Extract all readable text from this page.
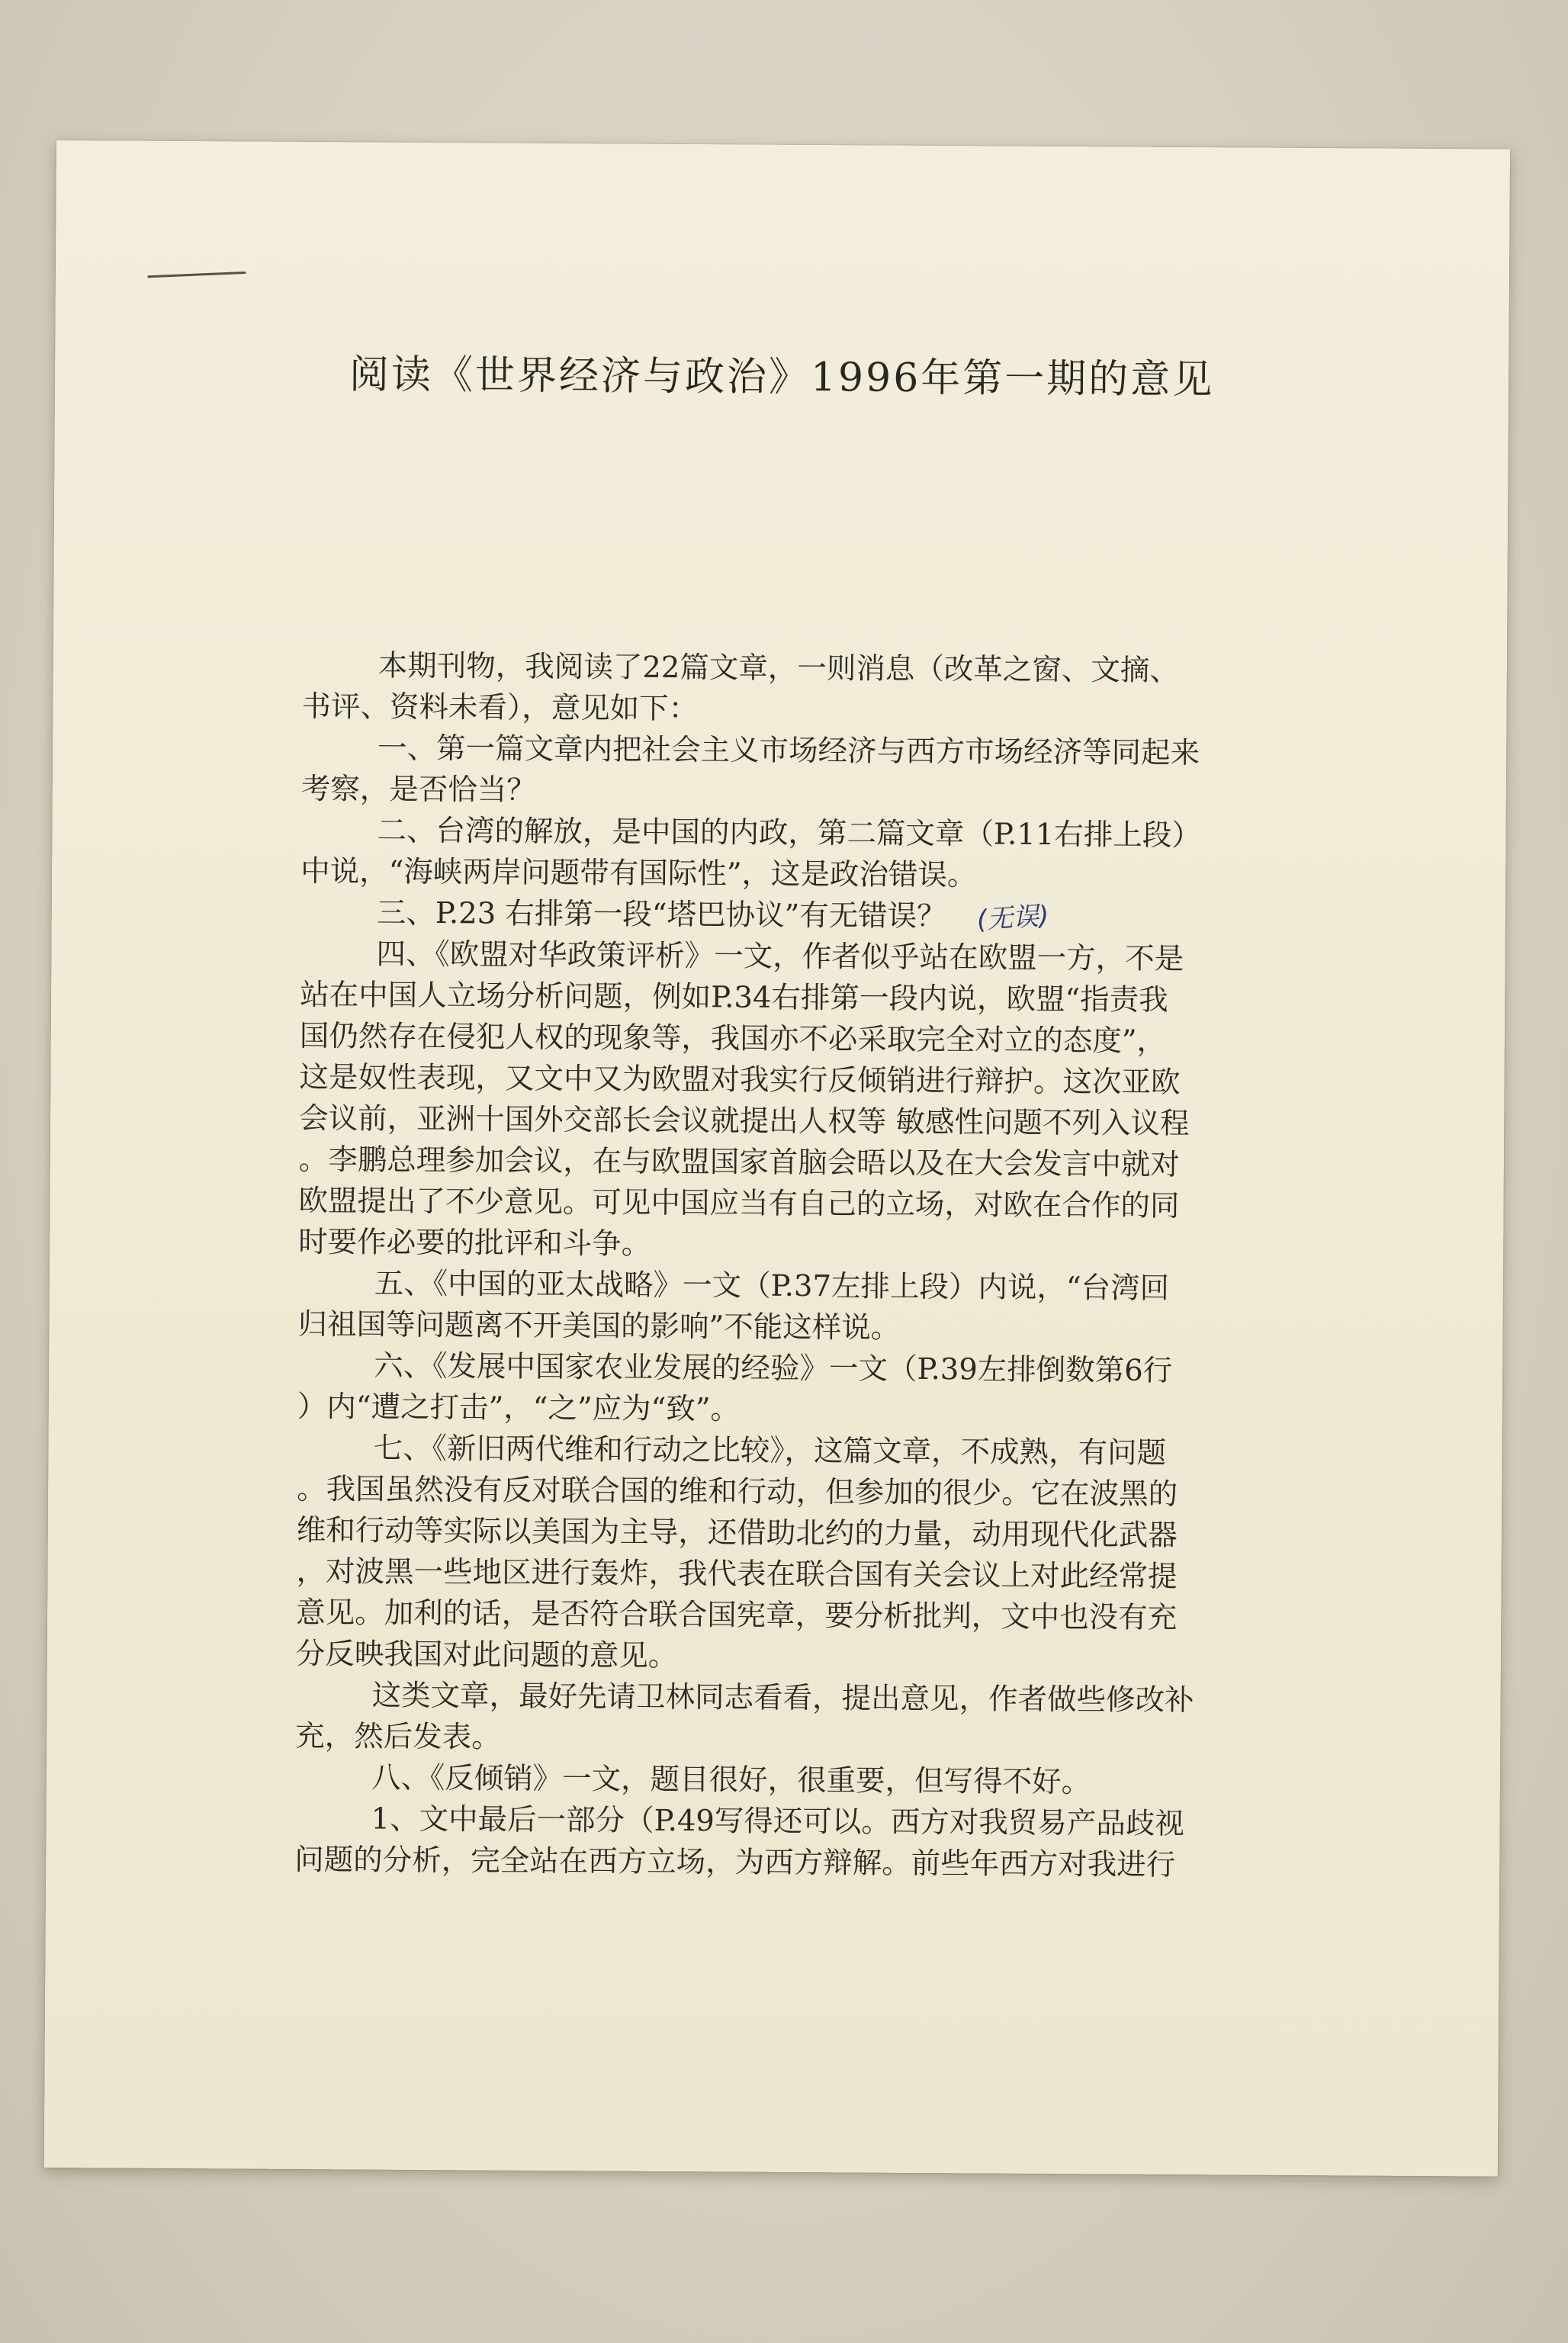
阅读《世界经济与政治》1996年第一期的意见
本期刊物，我阅读了22篇文章，一则消息（改革之窗、文摘、
书评、资料未看），意见如下：
一、第一篇文章内把社会主义市场经济与西方市场经济等同起来
考察，是否恰当？
二、台湾的解放，是中国的内政，第二篇文章（P.11右排上段）
中说，“海峡两岸问题带有国际性”，这是政治错误。
三、P.23 右排第一段“塔巴协议”有无错误？ (无误)
四、《欧盟对华政策评析》一文，作者似乎站在欧盟一方，不是
站在中国人立场分析问题，例如P.34右排第一段内说，欧盟“指责我
国仍然存在侵犯人权的现象等，我国亦不必采取完全对立的态度”，
这是奴性表现，又文中又为欧盟对我实行反倾销进行辩护。这次亚欧
会议前，亚洲十国外交部长会议就提出人权等 敏感性问题不列入议程
。李鹏总理参加会议，在与欧盟国家首脑会晤以及在大会发言中就对
欧盟提出了不少意见。可见中国应当有自己的立场，对欧在合作的同
时要作必要的批评和斗争。
五、《中国的亚太战略》一文（P.37左排上段）内说，“台湾回
归祖国等问题离不开美国的影响”不能这样说。
六、《发展中国家农业发展的经验》一文（P.39左排倒数第6行
）内“遭之打击”，“之”应为“致”。
七、《新旧两代维和行动之比较》，这篇文章，不成熟，有问题
。我国虽然没有反对联合国的维和行动，但参加的很少。它在波黑的
维和行动等实际以美国为主导，还借助北约的力量，动用现代化武器
，对波黑一些地区进行轰炸，我代表在联合国有关会议上对此经常提
意见。加利的话，是否符合联合国宪章，要分析批判，文中也没有充
分反映我国对此问题的意见。
这类文章，最好先请卫林同志看看，提出意见，作者做些修改补
充，然后发表。
八、《反倾销》一文，题目很好，很重要，但写得不好。
1、文中最后一部分（P.49写得还可以。西方对我贸易产品歧视
问题的分析，完全站在西方立场，为西方辩解。前些年西方对我进行
